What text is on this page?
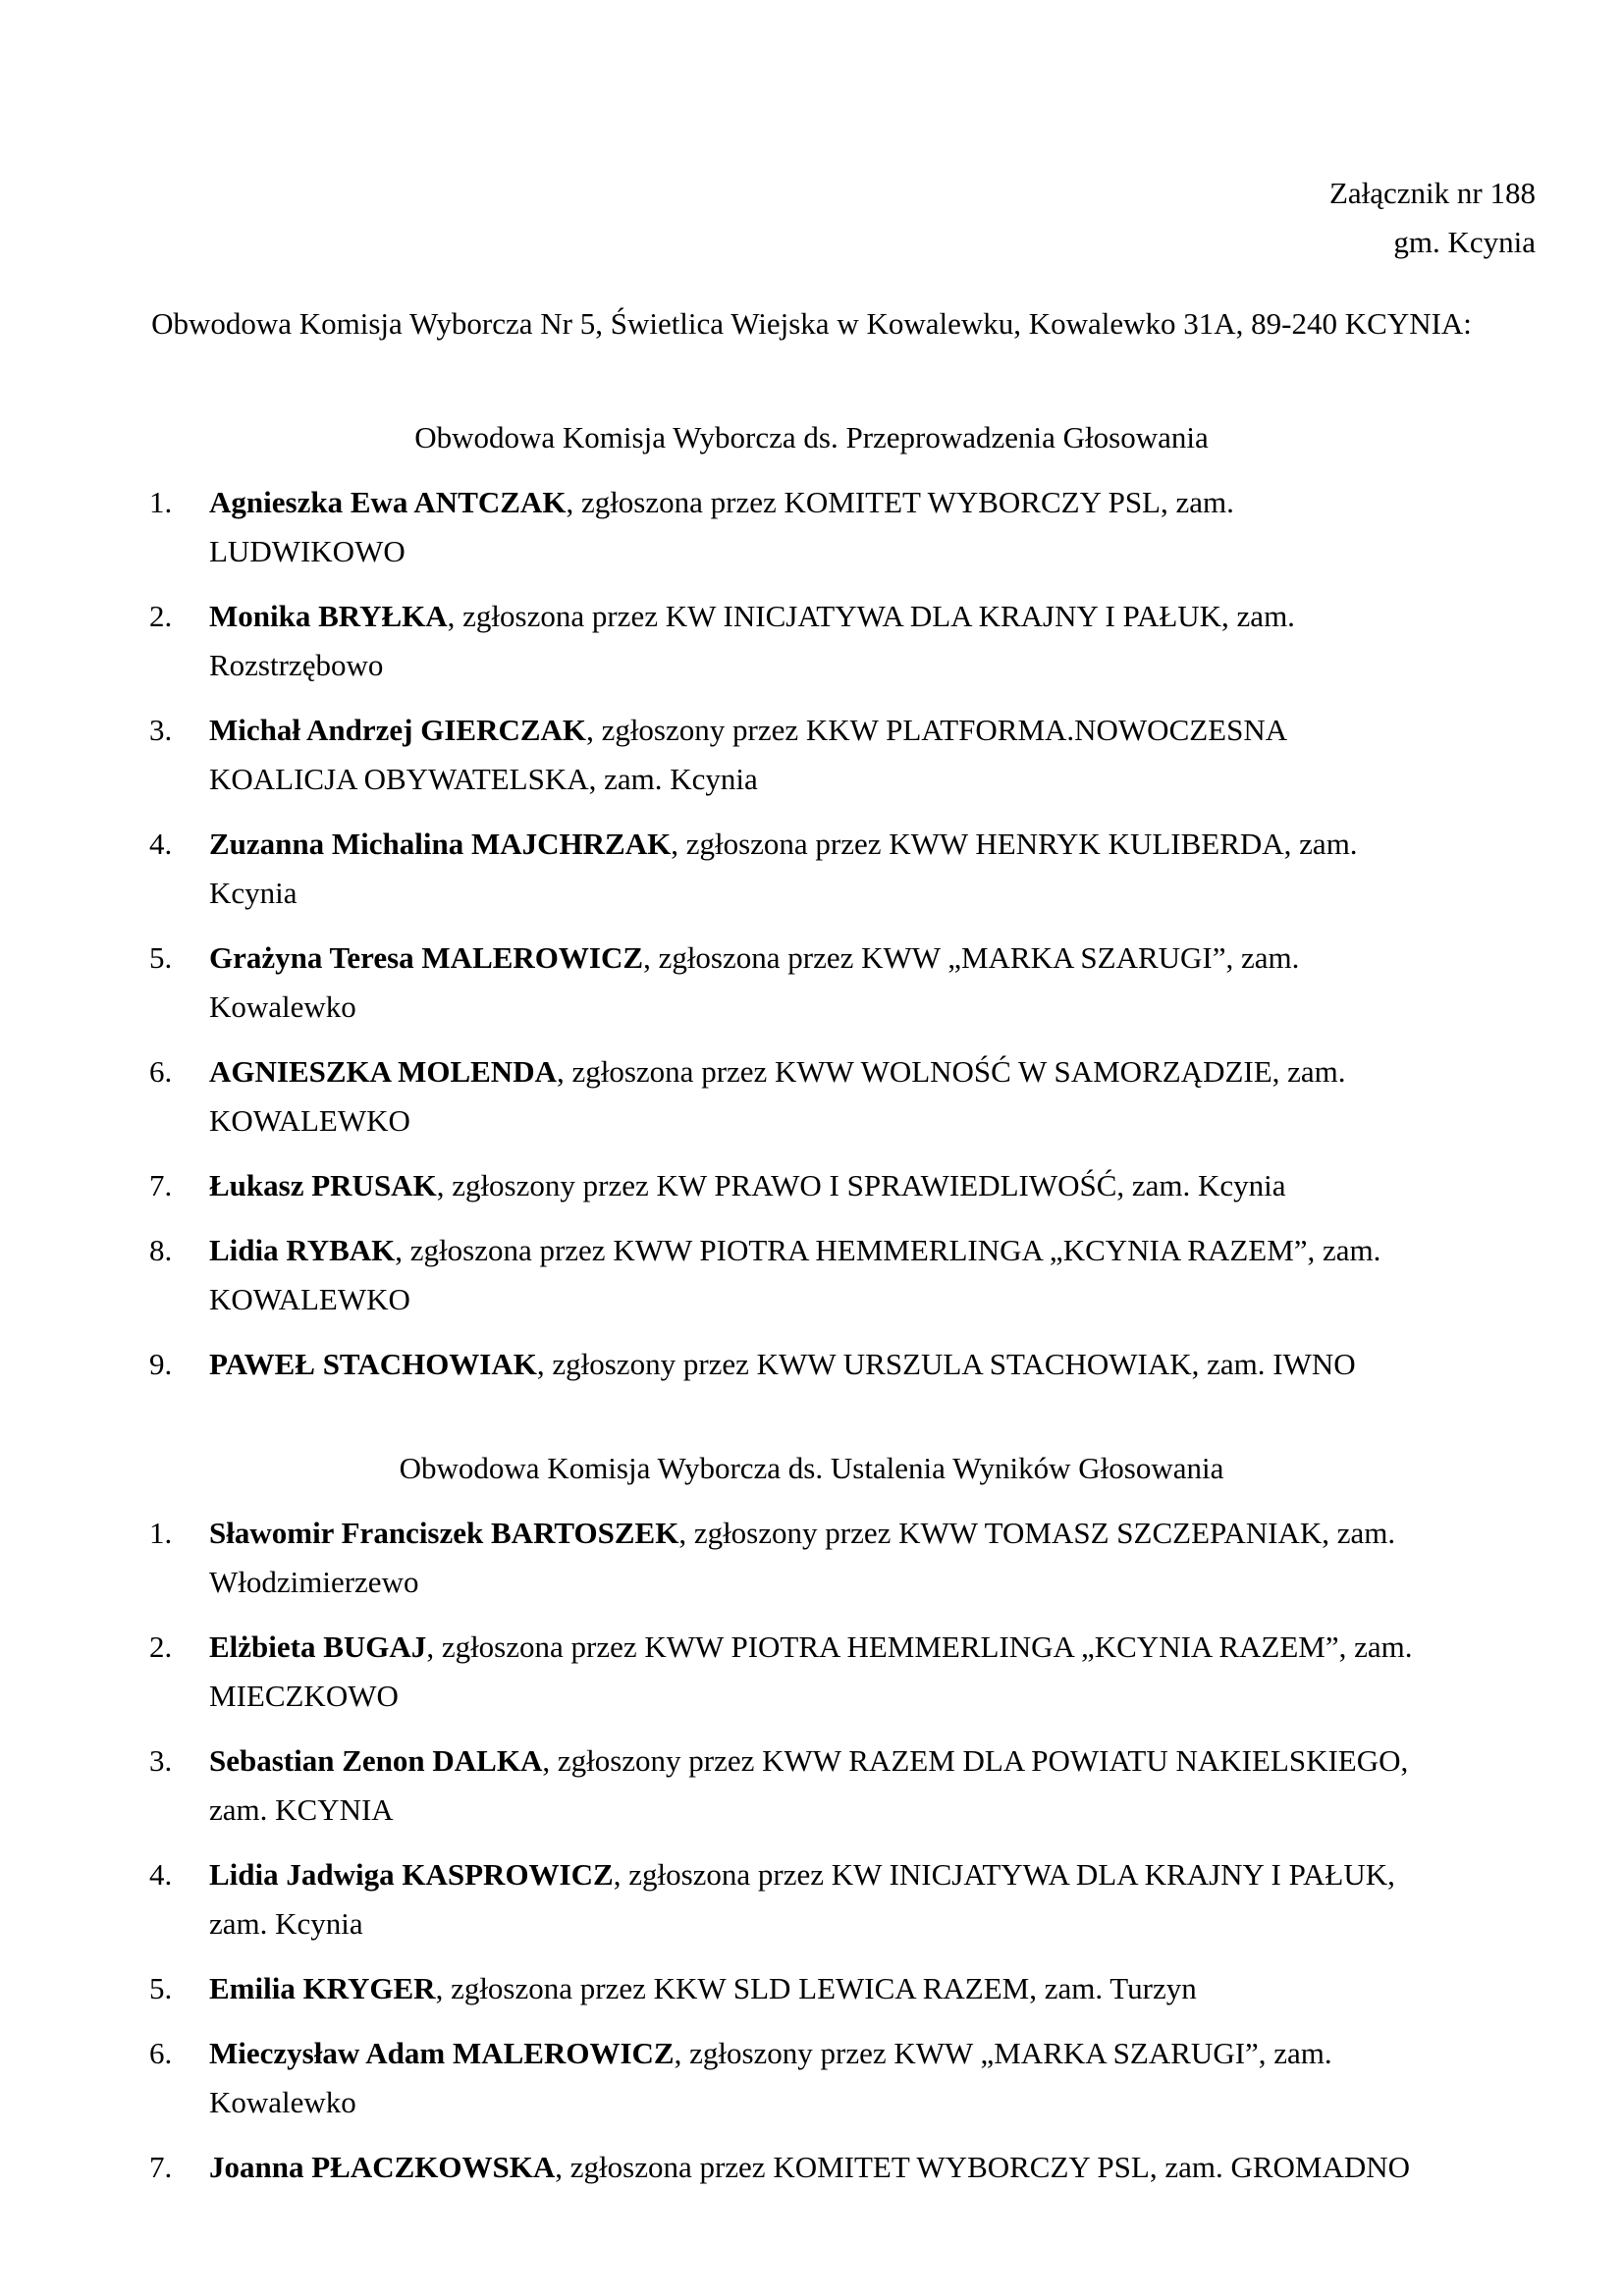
Załącznik nr 188
gm. Kcynia
Obwodowa Komisja Wyborcza Nr 5, Świetlica Wiejska w Kowalewku, Kowalewko 31A, 89-240 KCYNIA:
Obwodowa Komisja Wyborcza ds. Przeprowadzenia Głosowania
1.	Agnieszka Ewa ANTCZAK, zgłoszona przez KOMITET WYBORCZY PSL, zam.
LUDWIKOWO
2.	Monika BRYŁKA, zgłoszona przez KW INICJATYWA DLA KRAJNY I PAŁUK, zam.
Rozstrzębowo
3.	Michał Andrzej GIERCZAK, zgłoszony przez KKW PLATFORMA.NOWOCZESNA
KOALICJA OBYWATELSKA, zam. Kcynia
4.	Zuzanna Michalina MAJCHRZAK, zgłoszona przez KWW HENRYK KULIBERDA, zam.
Kcynia
5.	Grażyna Teresa MALEROWICZ, zgłoszona przez KWW „MARKA SZARUGI”, zam.
Kowalewko
6.	AGNIESZKA MOLENDA, zgłoszona przez KWW WOLNOŚĆ W SAMORZĄDZIE, zam.
KOWALEWKO
7.	Łukasz PRUSAK, zgłoszony przez KW PRAWO I SPRAWIEDLIWOŚĆ, zam. Kcynia
8.	Lidia RYBAK, zgłoszona przez KWW PIOTRA HEMMERLINGA „KCYNIA RAZEM”, zam.
KOWALEWKO
9.	PAWEŁ STACHOWIAK, zgłoszony przez KWW URSZULA STACHOWIAK, zam. IWNO
Obwodowa Komisja Wyborcza ds. Ustalenia Wyników Głosowania
1.	Sławomir Franciszek BARTOSZEK, zgłoszony przez KWW TOMASZ SZCZEPANIAK, zam.
Włodzimierzewo
2.	Elżbieta BUGAJ, zgłoszona przez KWW PIOTRA HEMMERLINGA „KCYNIA RAZEM”, zam.
MIECZKOWO
3.	Sebastian Zenon DALKA, zgłoszony przez KWW RAZEM DLA POWIATU NAKIELSKIEGO,
zam. KCYNIA
4.	Lidia Jadwiga KASPROWICZ, zgłoszona przez KW INICJATYWA DLA KRAJNY I PAŁUK,
zam. Kcynia
5.	Emilia KRYGER, zgłoszona przez KKW SLD LEWICA RAZEM, zam. Turzyn
6.	Mieczysław Adam MALEROWICZ, zgłoszony przez KWW „MARKA SZARUGI”, zam.
Kowalewko
7.	Joanna PŁACZKOWSKA, zgłoszona przez KOMITET WYBORCZY PSL, zam. GROMADNO
